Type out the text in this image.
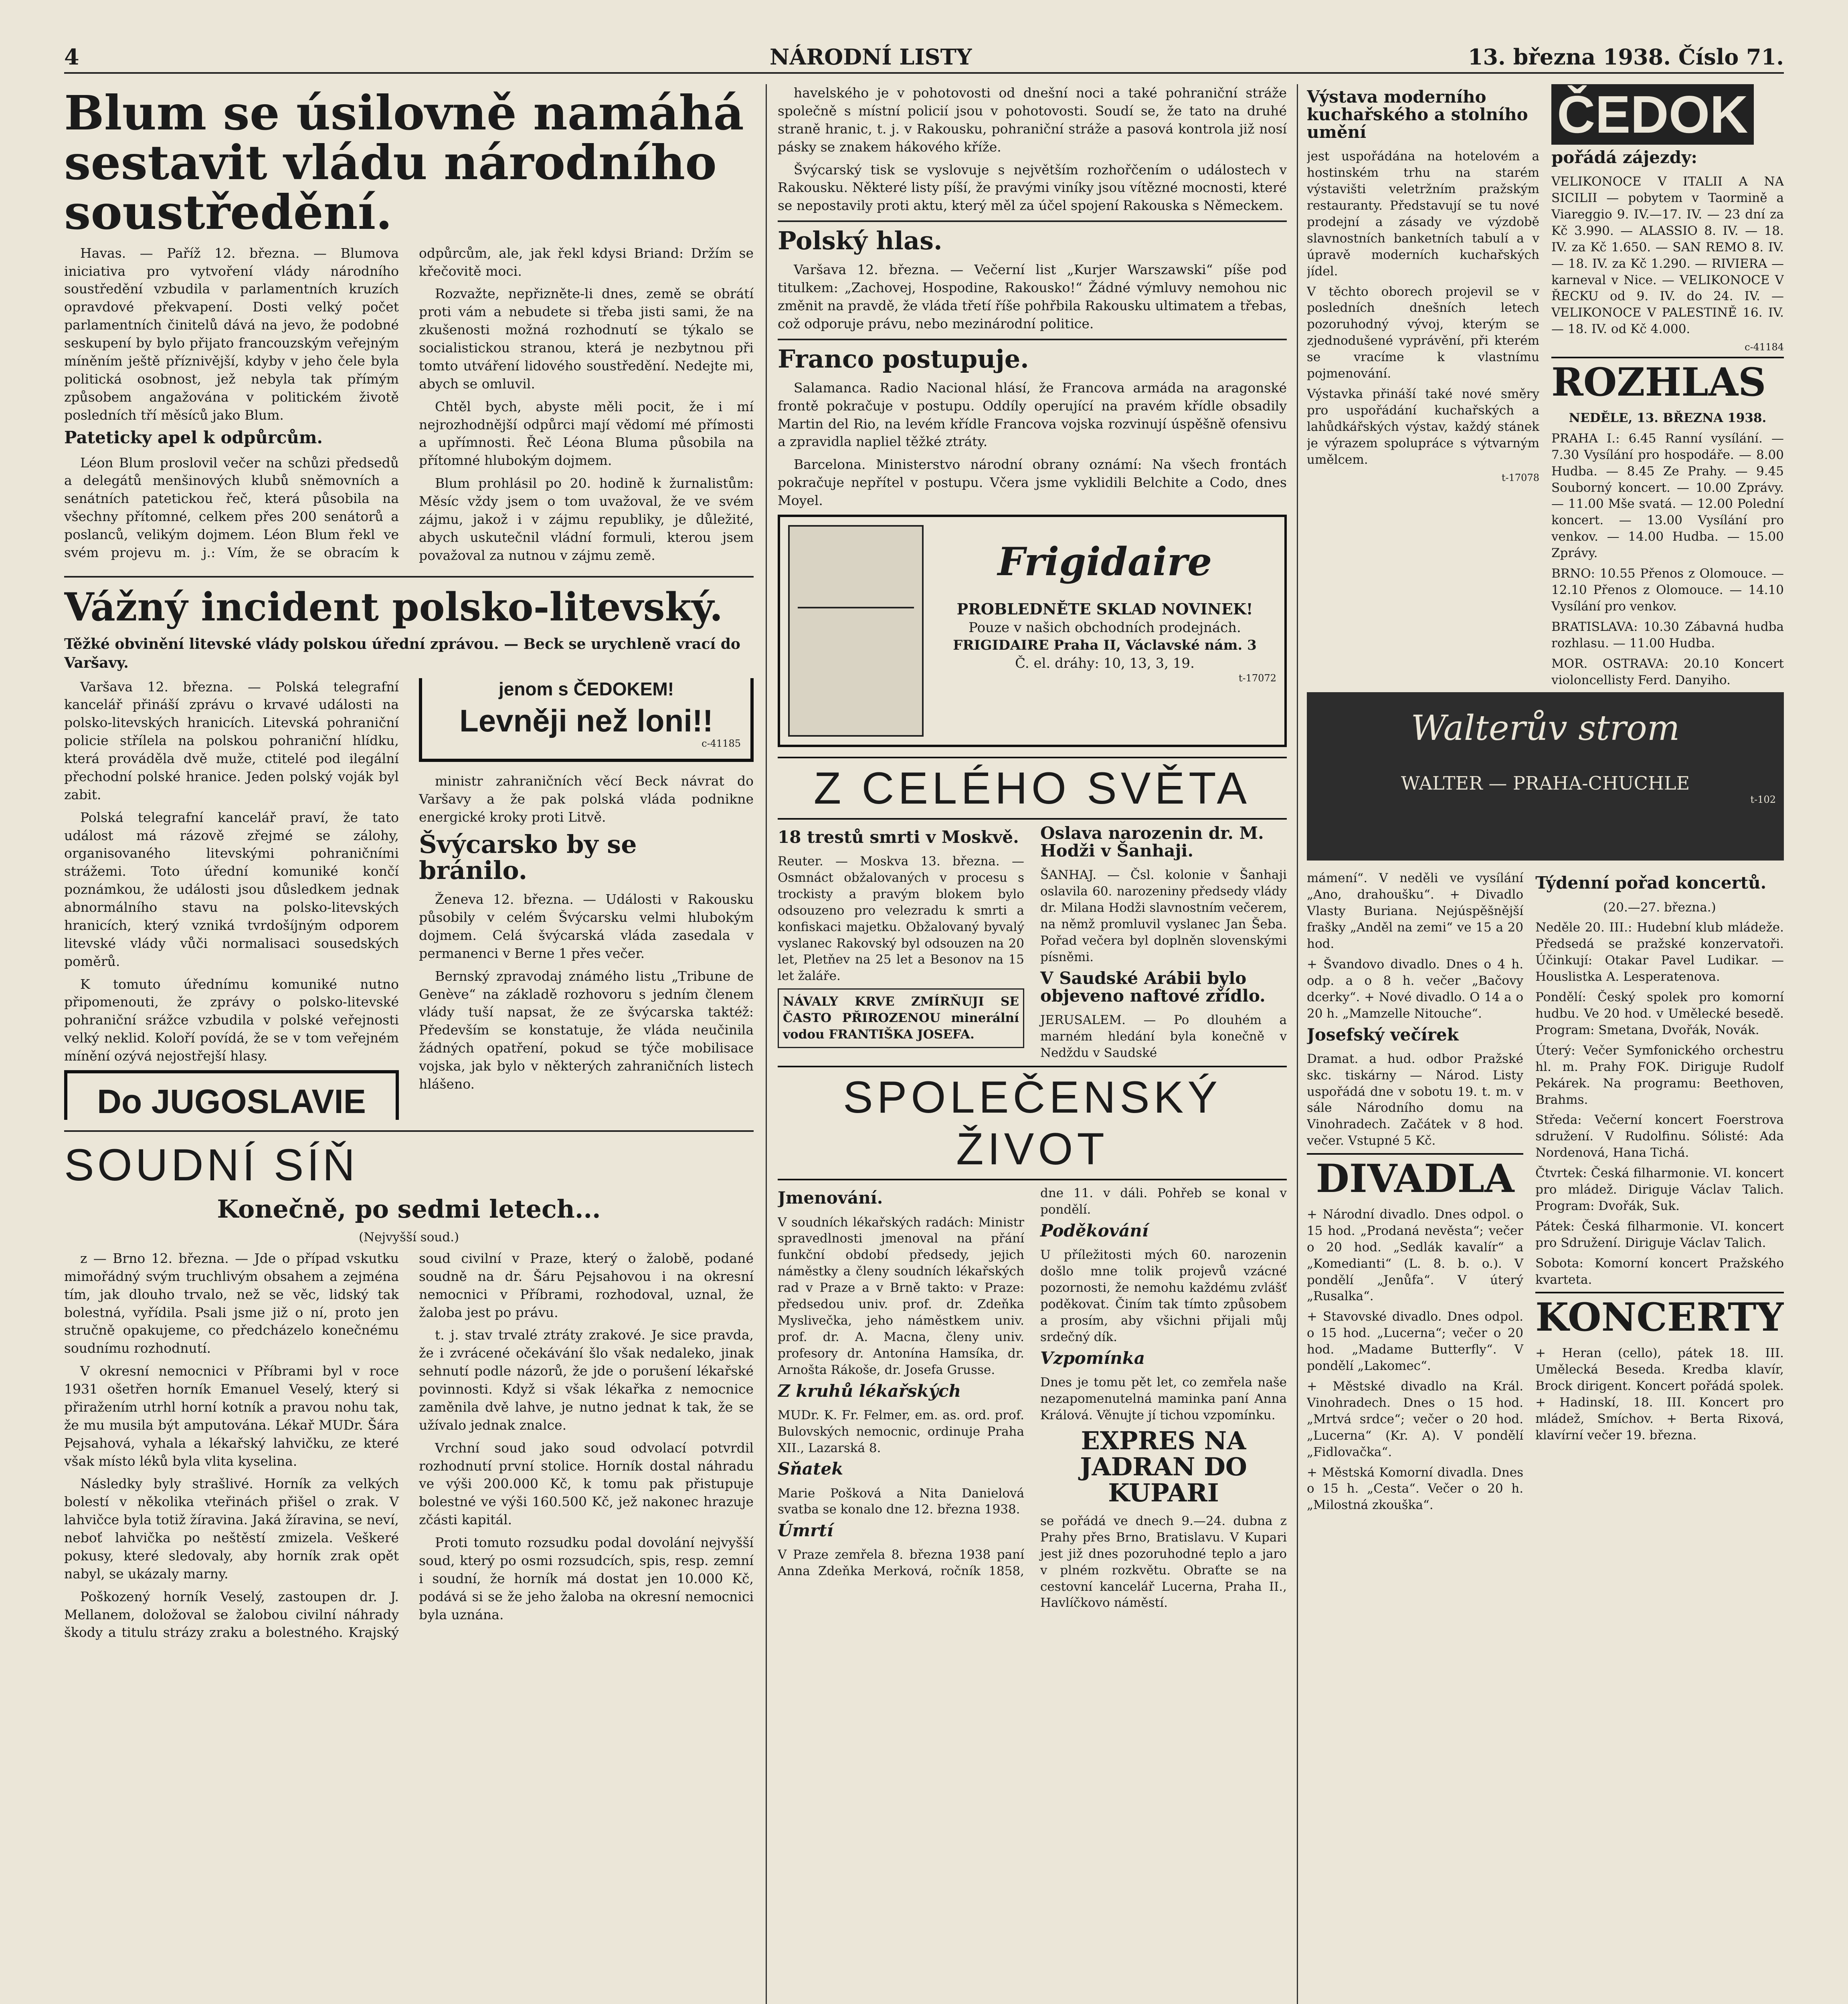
4	NÁRODNÍ LISTY	13. března 1938. Číslo 71.
Blum se úsilovně namáhá sestavit vládu národního soustředění.

Havas. — Paříž 12. března. — Blumova iniciativa pro vytvoření vlády národního soustředění vzbudila v parlamentních kruzích opravdové překvapení. Dosti velký počet parlamentních činitelů dává na jevo, že podobné seskupení by bylo přijato francouzským veřejným míněním ještě příznivější, kdyby v jeho čele byla politická osobnost, jež nebyla tak přímým způsobem angažována v politickém životě posledních tří měsíců jako Blum.

Pateticky apel k odpůrcům.

Léon Blum proslovil večer na schůzi předsedů a delegátů menšinových klubů sněmovních a senátních patetickou řeč, která působila na všechny přítomné, celkem přes 200 senátorů a poslanců, velikým dojmem. Léon Blum řekl ve svém projevu m. j.: Vím, že se obracím k odpůrcům, ale, jak řekl kdysi Briand: Držím se křečovitě moci.

Rozvažte, nepřizněte-li dnes, země se obrátí proti vám a nebudete si třeba jisti sami, že na zkušenosti možná rozhodnutí se týkalo se socialistickou stranou, která je nezbytnou při tomto utváření lidového soustředění. Nedejte mi, abych se omluvil.

Chtěl bych, abyste měli pocit, že i mí nejrozhodnější odpůrci mají vědomí mé přímosti a upřímnosti. Řeč Léona Bluma působila na přítomné hlubokým dojmem.

Blum prohlásil po 20. hodině k žurnalistům: Měsíc vždy jsem o tom uvažoval, že ve svém zájmu, jakož i v zájmu republiky, je důležité, abych uskutečnil vládní formuli, kterou jsem považoval za nutnou v zájmu země.

Vážný incident polsko-litevský.
Těžké obvinění litevské vlády polskou úřední zprávou. — Beck se urychleně vrací do Varšavy.

Varšava 12. března. — Polská telegrafní kancelář přináší zprávu o krvavé události na polsko-litevských hranicích. Litevská pohraniční policie střílela na polskou pohraniční hlídku, která prováděla dvě muže, ctitelé pod ilegální přechodní polské hranice. Jeden polský voják byl zabit.

Polská telegrafní kancelář praví, že tato událost má rázově zřejmé se zálohy, organisovaného litevskými pohraničními strážemi. Toto úřední komuniké končí poznámkou, že události jsou důsledkem jednak abnormálního stavu na polsko-litevských hranicích, který vzniká tvrdošíjným odporem litevské vlády vůči normalisaci sousedských poměrů.

K tomuto úřednímu komuniké nutno připomenouti, že zprávy o polsko-litevské pohraniční srážce vzbudila v polské veřejnosti velký neklid. Koloří povídá, že se v tom veřejném mínění ozývá nejostřejší hlasy.

Do JUGOSLAVIE
jenom s ČEDOKEM!
Levněji než loni!!
c-41185

ministr zahraničních věcí Beck návrat do Varšavy a že pak polská vláda podnikne energické kroky proti Litvě.

Švýcarsko by se bránilo.

Ženeva 12. března. — Události v Rakousku působily v celém Švýcarsku velmi hlubokým dojmem. Celá švýcarská vláda zasedala v permanenci v Berne 1 přes večer.

Bernský zpravodaj známého listu „Tribune de Genève“ na základě rozhovoru s jedním členem vlády tuší napsat, že ze švýcarska taktéž: Především se konstatuje, že vláda neučinila žádných opatření, pokud se týče mobilisace vojska, jak bylo v některých zahraničních listech hlášeno.

SOUDNÍ SÍŇ
Konečně, po sedmi letech...
(Nejvyšší soud.)

z — Brno 12. března. — Jde o případ vskutku mimořádný svým truchlivým obsahem a zejména tím, jak dlouho trvalo, než se věc, lidský tak bolestná, vyřídila. Psali jsme již o ní, proto jen stručně opakujeme, co předcházelo konečnému soudnímu rozhodnutí.

V okresní nemocnici v Příbrami byl v roce 1931 ošetřen horník Emanuel Veselý, který si přiražením utrhl horní kotník a pravou nohu tak, že mu musila být amputována. Lékař MUDr. Šára Pejsahová, vyhala a lékařský lahvičku, ze které však místo léků byla vlita kyselina.

Následky byly strašlivé. Horník za velkých bolestí v několika vteřinách přišel o zrak. V lahvičce byla totiž žíravina. Jaká žíravina, se neví, neboť lahvička po neštěstí zmizela. Veškeré pokusy, které sledovaly, aby horník zrak opět nabyl, se ukázaly marny.

Poškozený horník Veselý, zastoupen dr. J. Mellanem, doložoval se žalobou civilní náhrady škody a titulu strázy zraku a bolestného. Krajský soud civilní v Praze, který o žalobě, podané soudně na dr. Šáru Pejsahovou i na okresní nemocnici v Příbrami, rozhodoval, uznal, že žaloba jest po právu.

t. j. stav trvalé ztráty zrakové. Je sice pravda, že i zvrácené očekávání šlo však nedaleko, jinak sehnutí podle názorů, že jde o porušení lékařské povinnosti. Když si však lékařka z nemocnice zaměnila dvě lahve, je nutno jednat k tak, že se užívalo jednak znalce.

Vrchní soud jako soud odvolací potvrdil rozhodnutí první stolice. Horník dostal náhradu ve výši 200.000 Kč, k tomu pak přistupuje bolestné ve výši 160.500 Kč, jež nakonec hrazuje zčásti kapitál.

Proti tomuto rozsudku podal dovolání nejvyšší soud, který po osmi rozsudcích, spis, resp. zemní i soudní, že horník má dostat jen 10.000 Kč, podává si se že jeho žaloba na okresní nemocnici byla uznána.

havelského je v pohotovosti od dnešní noci a také pohraniční stráže společně s místní policií jsou v pohotovosti. Soudí se, že tato na druhé straně hranic, t. j. v Rakousku, pohraniční stráže a pasová kontrola již nosí pásky se znakem hákového kříže.

Švýcarský tisk se vyslovuje s největším rozhořčením o událostech v Rakousku. Některé listy píší, že pravými viníky jsou vítězné mocnosti, které se nepostavily proti aktu, který měl za účel spojení Rakouska s Německem.

Polský hlas.

Varšava 12. března. — Večerní list „Kurjer Warszawski“ píše pod titulkem: „Zachovej, Hospodine, Rakousko!“ Žádné výmluvy nemohou nic změnit na pravdě, že vláda třetí říše pohřbila Rakousku ultimatem a třebas, což odporuje právu, nebo mezinárodní politice.

Franco postupuje.

Salamanca. Radio Nacional hlásí, že Francova armáda na aragonské frontě pokračuje v postupu. Oddíly operující na pravém křídle obsadily Martin del Rio, na levém křídle Francova vojska rozvinují úspěšně ofensivu a zpravidla napliel těžké ztráty.

Barcelona. Ministerstvo národní obrany oznámí: Na všech frontách pokračuje nepřítel v postupu. Včera jsme vyklidili Belchite a Codo, dnes Moyel.

Frigidaire
PROBLEDNĚTE SKLAD NOVINEK!
Pouze v našich obchodních prodejnách.
FRIGIDAIRE Praha II, Václavské nám. 3
Č. el. dráhy: 10, 13, 3, 19.
t-17072
Z CELÉHO SVĚTA
18 trestů smrti v Moskvě.

Reuter. — Moskva 13. března. — Osmnáct obžalovaných v procesu s trockisty a pravým blokem bylo odsouzeno pro velezradu k smrti a konfiskaci majetku. Obžalovaný byvalý vyslanec Rakovský byl odsouzen na 20 let, Pletňev na 25 let a Besonov na 15 let žaláře.

NÁVALY KRVE ZMÍRŇUJI SE ČASTO PŘIROZENOU minerální vodou FRANTIŠKA JOSEFA.
Oslava narozenin dr. M. Hodži v Šanhaji.

ŠANHAJ. — Čsl. kolonie v Šanhaji oslavila 60. narozeniny předsedy vlády dr. Milana Hodži slavnostním večerem, na němž promluvil vyslanec Jan Šeba. Pořad večera byl doplněn slovenskými písněmi.

V Saudské Arábii bylo objeveno naftové zřídlo.

JERUSALEM. — Po dlouhém a marném hledání byla konečně v Nedždu v Saudské

SPOLEČENSKÝ ŽIVOT
Jmenování.

V soudních lékařských radách: Ministr spravedlnosti jmenoval na přání funkční období předsedy, jejich náměstky a členy soudních lékařských rad v Praze a v Brně takto: v Praze: předsedou univ. prof. dr. Zdeňka Myslivečka, jeho náměstkem univ. prof. dr. A. Macna, členy univ. profesory dr. Antonína Hamsíka, dr. Arnošta Rákoše, dr. Josefa Grusse.

Z kruhů lékařských

MUDr. K. Fr. Felmer, em. as. ord. prof. Bulovských nemocnic, ordinuje Praha XII., Lazarská 8.

Sňatek

Marie Pošková a Nita Danielová svatba se konalo dne 12. března 1938.

Úmrtí

V Praze zemřela 8. března 1938 paní Anna Zdeňka Merková, ročník 1858, dne 11. v dáli. Pohřeb se konal v pondělí.

Poděkování

U příležitosti mých 60. narozenin došlo mne tolik projevů vzácné pozornosti, že nemohu každému zvlášť poděkovat. Činím tak tímto způsobem a prosím, aby všichni přijali můj srdečný dík.

Vzpomínka

Dnes je tomu pět let, co zemřela naše nezapomenutelná maminka paní Anna Králová. Věnujte jí tichou vzpomínku.

EXPRES NA JADRAN DO KUPARI

se pořádá ve dnech 9.—24. dubna z Prahy přes Brno, Bratislavu. V Kupari jest již dnes pozoruhodné teplo a jaro v plném rozkvětu. Obraťte se na cestovní kancelář Lucerna, Praha II., Havlíčkovo náměstí.

Výstava moderního kuchařského a stolního umění

jest uspořádána na hotelovém a hostinském trhu na starém výstavišti veletržním pražským restauranty. Představují se tu nové prodejní a zásady ve výzdobě slavnostních banketních tabulí a v úpravě moderních kuchařských jídel.

V těchto oborech projevil se v posledních dnešních letech pozoruhodný vývoj, kterým se zjednodušené vyprávění, při kterém se vracíme k vlastnímu pojmenování.

Výstavka přináší také nové směry pro uspořádání kuchařských a lahůdkářských výstav, každý stánek je výrazem spolupráce s výtvarným umělcem.

t-17078
ČEDOK
pořádá zájezdy:

VELIKONOCE V ITALII A NA SICILII — pobytem v Taormině a Viareggio 9. IV.—17. IV. — 23 dní za Kč 3.990. — ALASSIO 8. IV. — 18. IV. za Kč 1.650. — SAN REMO 8. IV. — 18. IV. za Kč 1.290. — RIVIERA — karneval v Nice. — VELIKONOCE V ŘECKU od 9. IV. do 24. IV. — VELIKONOCE V PALESTINĚ 16. IV. — 18. IV. od Kč 4.000.

c-41184
ROZHLAS
NEDĚLE, 13. BŘEZNA 1938.

PRAHA I.: 6.45 Ranní vysílání. — 7.30 Vysílání pro hospodáře. — 8.00 Hudba. — 8.45 Ze Prahy. — 9.45 Souborný koncert. — 10.00 Zprávy. — 11.00 Mše svatá. — 12.00 Polední koncert. — 13.00 Vysílání pro venkov. — 14.00 Hudba. — 15.00 Zprávy.

BRNO: 10.55 Přenos z Olomouce. — 12.10 Přenos z Olomouce. — 14.10 Vysílání pro venkov.

BRATISLAVA: 10.30 Zábavná hudba rozhlasu. — 11.00 Hudba.

MOR. OSTRAVA: 20.10 Koncert violoncellisty Ferd. Danyiho.

Walterův strom
WALTER — PRAHA-CHUCHLE
t-102

mámení“. V neděli ve vysílání „Ano, drahoušku“. + Divadlo Vlasty Buriana. Nejúspěšnější frašky „Anděl na zemi“ ve 15 a 20 hod.

+ Švandovo divadlo. Dnes o 4 h. odp. a o 8 h. večer „Bačovy dcerky“. + Nové divadlo. O 14 a o 20 h. „Mamzelle Nitouche“.

Josefský večírek

Dramat. a hud. odbor Pražské skc. tiskárny — Národ. Listy uspořádá dne v sobotu 19. t. m. v sále Národního domu na Vinohradech. Začátek v 8 hod. večer. Vstupné 5 Kč.

DIVADLA

+ Národní divadlo. Dnes odpol. o 15 hod. „Prodaná nevěsta“; večer o 20 hod. „Sedlák kavalír“ a „Komedianti“ (L. 8. b. o.). V pondělí „Jenůfa“. V úterý „Rusalka“.

+ Stavovské divadlo. Dnes odpol. o 15 hod. „Lucerna“; večer o 20 hod. „Madame Butterfly“. V pondělí „Lakomec“.

+ Městské divadlo na Král. Vinohradech. Dnes o 15 hod. „Mrtvá srdce“; večer o 20 hod. „Lucerna“ (Kr. A). V pondělí „Fidlovačka“.

+ Městská Komorní divadla. Dnes o 15 h. „Cesta“. Večer o 20 h. „Milostná zkouška“.

Týdenní pořad koncertů.
(20.—27. března.)

Neděle 20. III.: Hudební klub mládeže. Předsedá se pražské konzervatoři. Účinkují: Otakar Pavel Ludikar. — Houslistka A. Lesperatenova.

Pondělí: Český spolek pro komorní hudbu. Ve 20 hod. v Umělecké besedě. Program: Smetana, Dvořák, Novák.

Úterý: Večer Symfonického orchestru hl. m. Prahy FOK. Diriguje Rudolf Pekárek. Na programu: Beethoven, Brahms.

Středa: Večerní koncert Foerstrova sdružení. V Rudolfinu. Sólisté: Ada Nordenová, Hana Tichá.

Čtvrtek: Česká filharmonie. VI. koncert pro mládež. Diriguje Václav Talich. Program: Dvořák, Suk.

Pátek: Česká filharmonie. VI. koncert pro Sdružení. Diriguje Václav Talich.

Sobota: Komorní koncert Pražského kvarteta.

KONCERTY

+ Heran (cello), pátek 18. III. Umělecká Beseda. Kredba klavír, Brock dirigent. Koncert pořádá spolek. + Hadinskí, 18. III. Koncert pro mládež, Smíchov. + Berta Rixová, klavírní večer 19. března.
